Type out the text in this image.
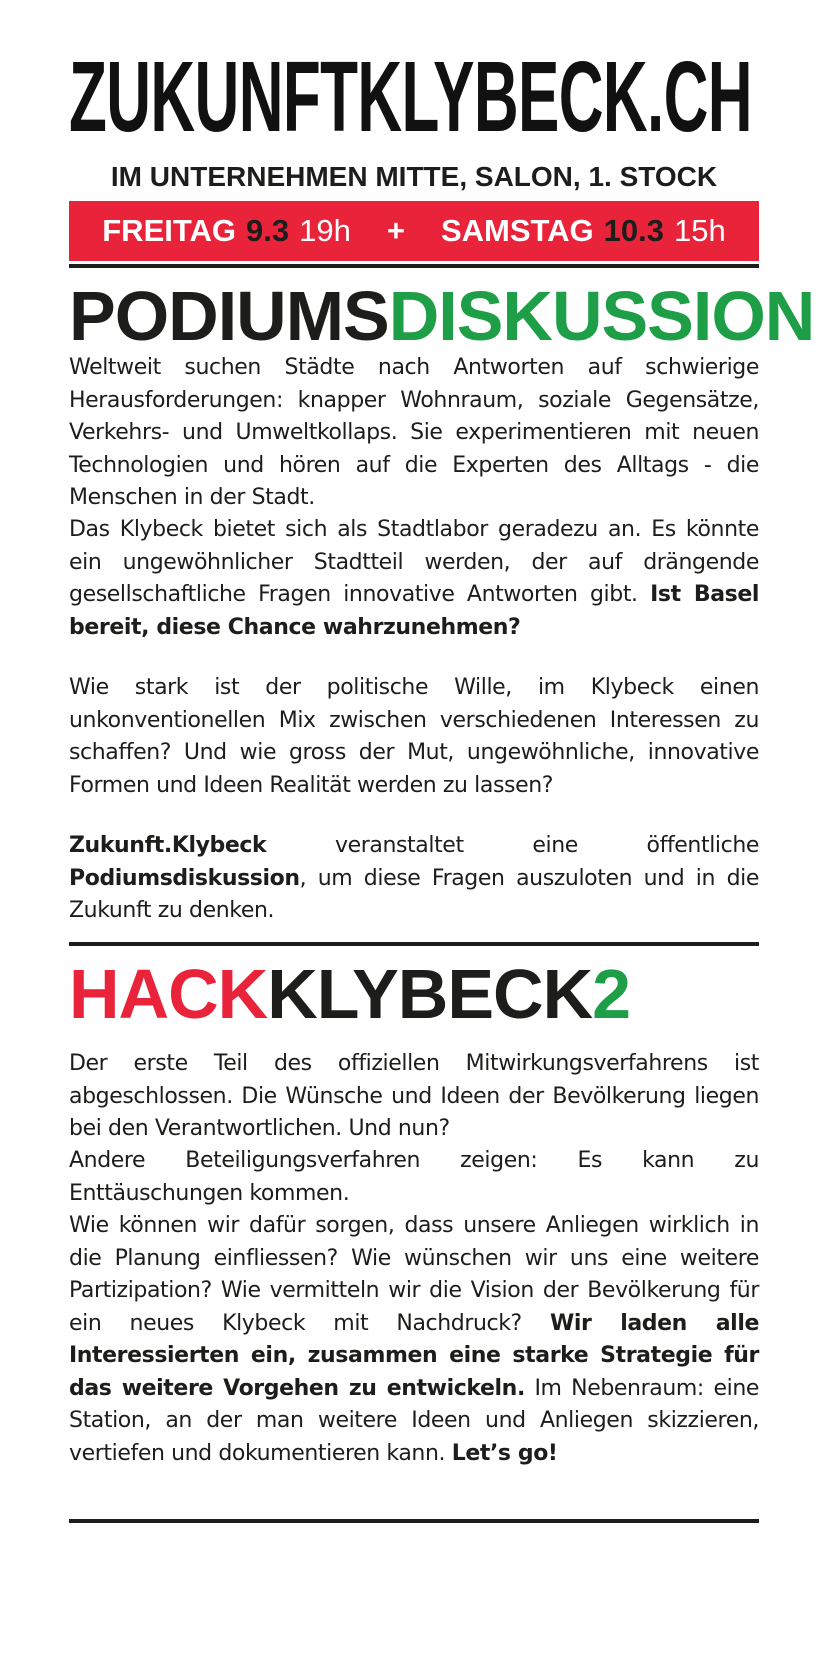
ZUKUNFTKLYBECK.CH
IM UNTERNEHMEN MITTE, SALON, 1. STOCK
FREITAG 9.3 19h + SAMSTAG 10.3 15h
PODIUMSDISKUSSION
Weltweit suchen Städte nach Antworten auf schwierige Herausforderungen: knapper Wohnraum, soziale Gegensätze, Verkehrs- und Umweltkollaps. Sie experimentieren mit neuen Technologien und hören auf die Experten des Alltags - die Menschen in der Stadt.
Das Klybeck bietet sich als Stadtlabor geradezu an. Es könnte ein ungewöhnlicher Stadtteil werden, der auf drängende gesellschaftliche Fragen innovative Antworten gibt. Ist Basel bereit, diese Chance wahrzunehmen?
Wie stark ist der politische Wille, im Klybeck einen unkonventionellen Mix zwischen verschiedenen Interessen zu schaffen? Und wie gross der Mut, ungewöhnliche, innovative Formen und Ideen Realität werden zu lassen?
Zukunft.Klybeck veranstaltet eine öffentliche Podiumsdiskussion, um diese Fragen auszuloten und in die Zukunft zu denken.
HACKKLYBECK2
Der erste Teil des offiziellen Mitwirkungsverfahrens ist abgeschlossen. Die Wünsche und Ideen der Bevölkerung liegen bei den Verantwortlichen. Und nun?
Andere Beteiligungsverfahren zeigen: Es kann zu Enttäuschungen kommen.
Wie können wir dafür sorgen, dass unsere Anliegen wirklich in die Planung einfliessen? Wie wünschen wir uns eine weitere Partizipation? Wie vermitteln wir die Vision der Bevölkerung für ein neues Klybeck mit Nachdruck? Wir laden alle Interessierten ein, zusammen eine starke Strategie für das weitere Vorgehen zu entwickeln. Im Nebenraum: eine Station, an der man weitere Ideen und Anliegen skizzieren, vertiefen und dokumentieren kann. Let’s go!
